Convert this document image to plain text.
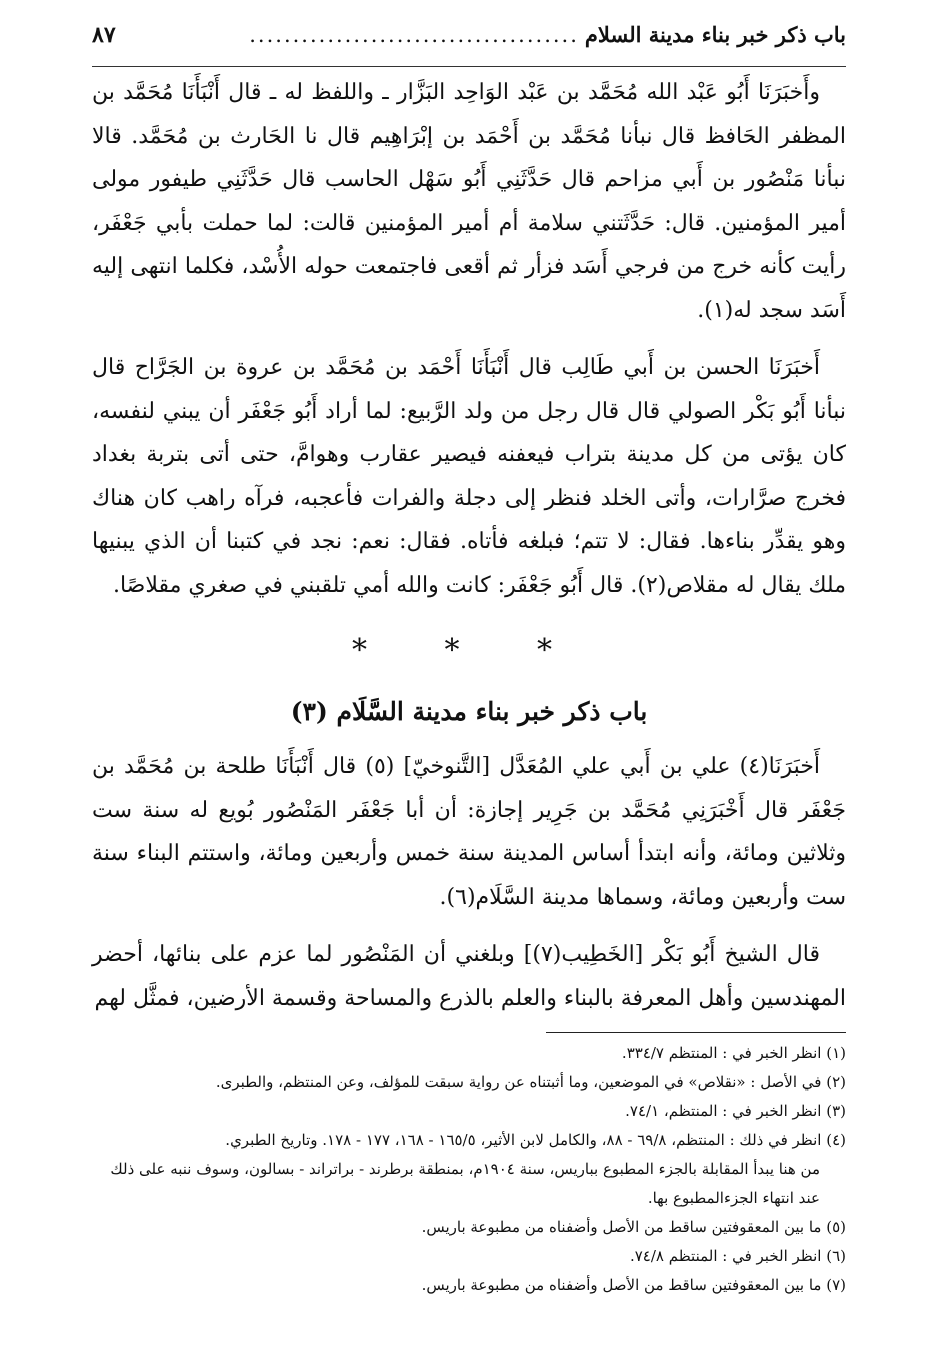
باب ذكر خبر بناء مدينة السلام
......................................
٨٧

وأَخبَرَنَا أَبُو عَبْد الله مُحَمَّد بن عَبْد الوَاحِد البَزَّار ـ واللفظ له ـ قال أَنْبَأَنَا مُحَمَّد بن المظفر الحَافظ قال نبأنا مُحَمَّد بن أَحْمَد بن إبْرَاهِيم قال نا الحَارث بن مُحَمَّد. قالا نبأنا مَنْصُور بن أَبي مزاحم قال حَدَّثَنِي أَبُو سَهْل الحاسب قال حَدَّثَنِي طيفور مولى أمير المؤمنين. قال: حَدَّثَتني سلامة أم أمير المؤمنين قالت: لما حملت بأبي جَعْفَر، رأيت كأنه خرج من فرجي أَسَد فزأر ثم أقعى فاجتمعت حوله الأُسْد، فكلما انتهى إليه أَسَد سجد له(١).

أَخبَرَنَا الحسن بن أَبي طَالِب قال أَنْبَأَنَا أَحْمَد بن مُحَمَّد بن عروة بن الجَرَّاح قال نبأنا أَبُو بَكْر الصولي قال قال رجل من ولد الرَّبيع: لما أراد أَبُو جَعْفَر أن يبني لنفسه، كان يؤتى من كل مدينة بتراب فيعفنه فيصير عقارب وهوامَّ، حتى أتى بتربة بغداد فخرج صرَّارات، وأتى الخلد فنظر إلى دجلة والفرات فأعجبه، فرآه راهب كان هناك وهو يقدِّر بناءها. فقال: لا تتم؛ فبلغه فأتاه. فقال: نعم: نجد في كتبنا أن الذي يبنيها ملك يقال له مقلاص(٢). قال أَبُو جَعْفَر: كانت والله أمي تلقبني في صغري مقلاصًا.

* * *
باب ذكر خبر بناء مدينة السَّلَام (٣)

أَخبَرَنَا(٤) علي بن أَبي علي المُعَدَّل [التَّنوخيّ] (٥) قال أَنْبَأَنَا طلحة بن مُحَمَّد بن جَعْفَر قال أَخْبَرَنِي مُحَمَّد بن جَرِير إجازة: أن أبا جَعْفَر المَنْصُور بُويع له سنة ست وثلاثين ومائة، وأنه ابتدأ أساس المدينة سنة خمس وأربعين ومائة، واستتم البناء سنة ست وأربعين ومائة، وسماها مدينة السَّلَام(٦).

قال الشيخ أَبُو بَكْر [الخَطِيب(٧)] وبلغني أن المَنْصُور لما عزم على بنائها، أحضر المهندسين وأهل المعرفة بالبناء والعلم بالذرع والمساحة وقسمة الأرضين، فمثَّل لهم

(١) انظر الخبر في : المنتظم ٣٣٤/٧.

(٢) في الأصل : «نقلاص» في الموضعين، وما أثبتناه عن رواية سبقت للمؤلف، وعن المنتظم، والطبرى.

(٣) انظر الخبر في : المنتظم، ٧٤/١.

(٤) انظر في ذلك : المنتظم، ٦٩/٨ - ٨٨، والكامل لابن الأثير، ١٦٥/٥ - ١٦٨، ١٧٧ - ١٧٨. وتاريخ الطبري.

من هنا يبدأ المقابلة بالجزء المطبوع بباريس، سنة ١٩٠٤م، بمنطقة برطرند - براتراند - بسالون، وسوف ننبه على ذلك عند انتهاء الجزءالمطبوع بها.

(٥) ما بين المعقوفتين ساقط من الأصل وأضفناه من مطبوعة باريس.

(٦) انظر الخبر في : المنتظم ٧٤/٨.

(٧) ما بين المعقوفتين ساقط من الأصل وأضفناه من مطبوعة باريس.
